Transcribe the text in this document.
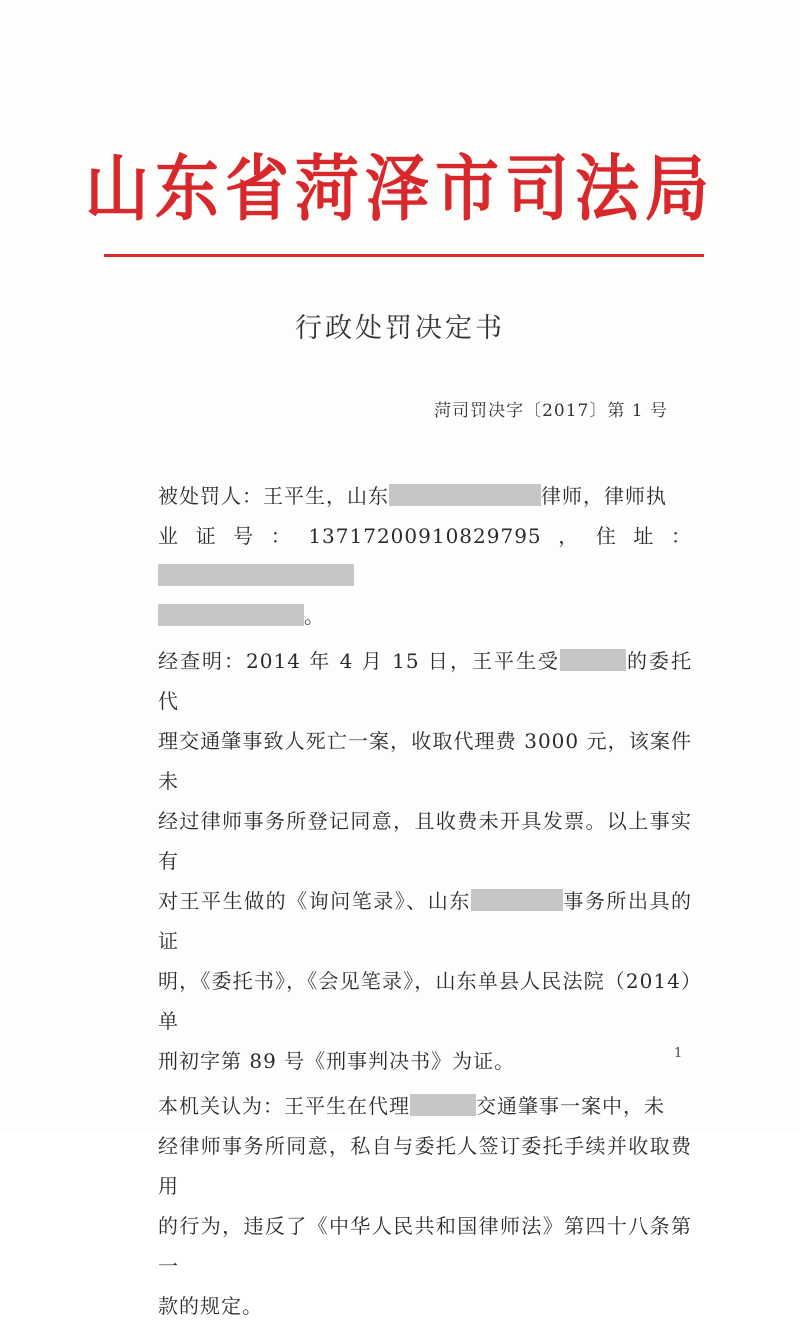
山东省菏泽市司法局
行政处罚决定书
菏司罚决字〔2017〕第 1 号

被处罚人：王平生，山东	律师，律师执
业证号：13717200910829795，住址：
。

经查明：2014 年 4 月 15 日，王平生受	的委托代
理交通肇事致人死亡一案，收取代理费 3000 元，该案件未
经过律师事务所登记同意，且收费未开具发票。以上事实有
对王平生做的《询问笔录》、山东	事务所出具的证
明，《委托书》，《会见笔录》，山东单县人民法院（2014）单
刑初字第 89 号《刑事判决书》为证。

本机关认为：王平生在代理	交通肇事一案中，未
经律师事务所同意，私自与委托人签订委托手续并收取费用
的行为，违反了《中华人民共和国律师法》第四十八条第一
款的规定。

1
